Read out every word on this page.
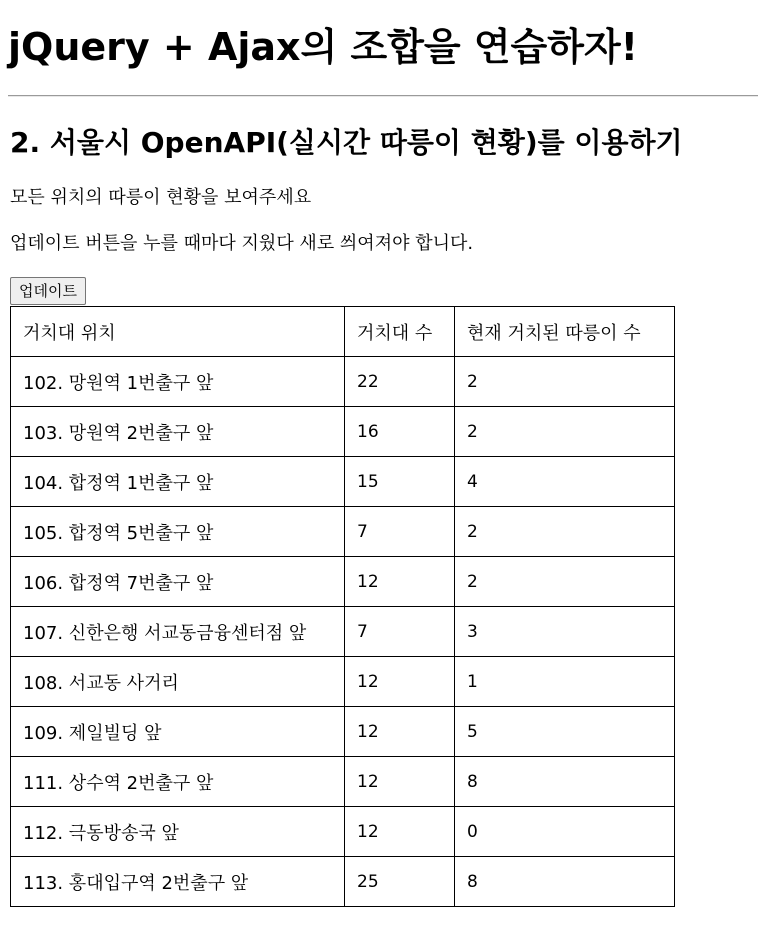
jQuery + Ajax의 조합을 연습하자!
2. 서울시 OpenAPI(실시간 따릉이 현황)를 이용하기

모든 위치의 따릉이 현황을 보여주세요

업데이트 버튼을 누를 때마다 지웠다 새로 씌여져야 합니다.

업데이트
거치대 위치	거치대 수	현재 거치된 따릉이 수
102. 망원역 1번출구 앞	22	2
103. 망원역 2번출구 앞	16	2
104. 합정역 1번출구 앞	15	4
105. 합정역 5번출구 앞	7	2
106. 합정역 7번출구 앞	12	2
107. 신한은행 서교동금융센터점 앞	7	3
108. 서교동 사거리	12	1
109. 제일빌딩 앞	12	5
111. 상수역 2번출구 앞	12	8
112. 극동방송국 앞	12	0
113. 홍대입구역 2번출구 앞	25	8
